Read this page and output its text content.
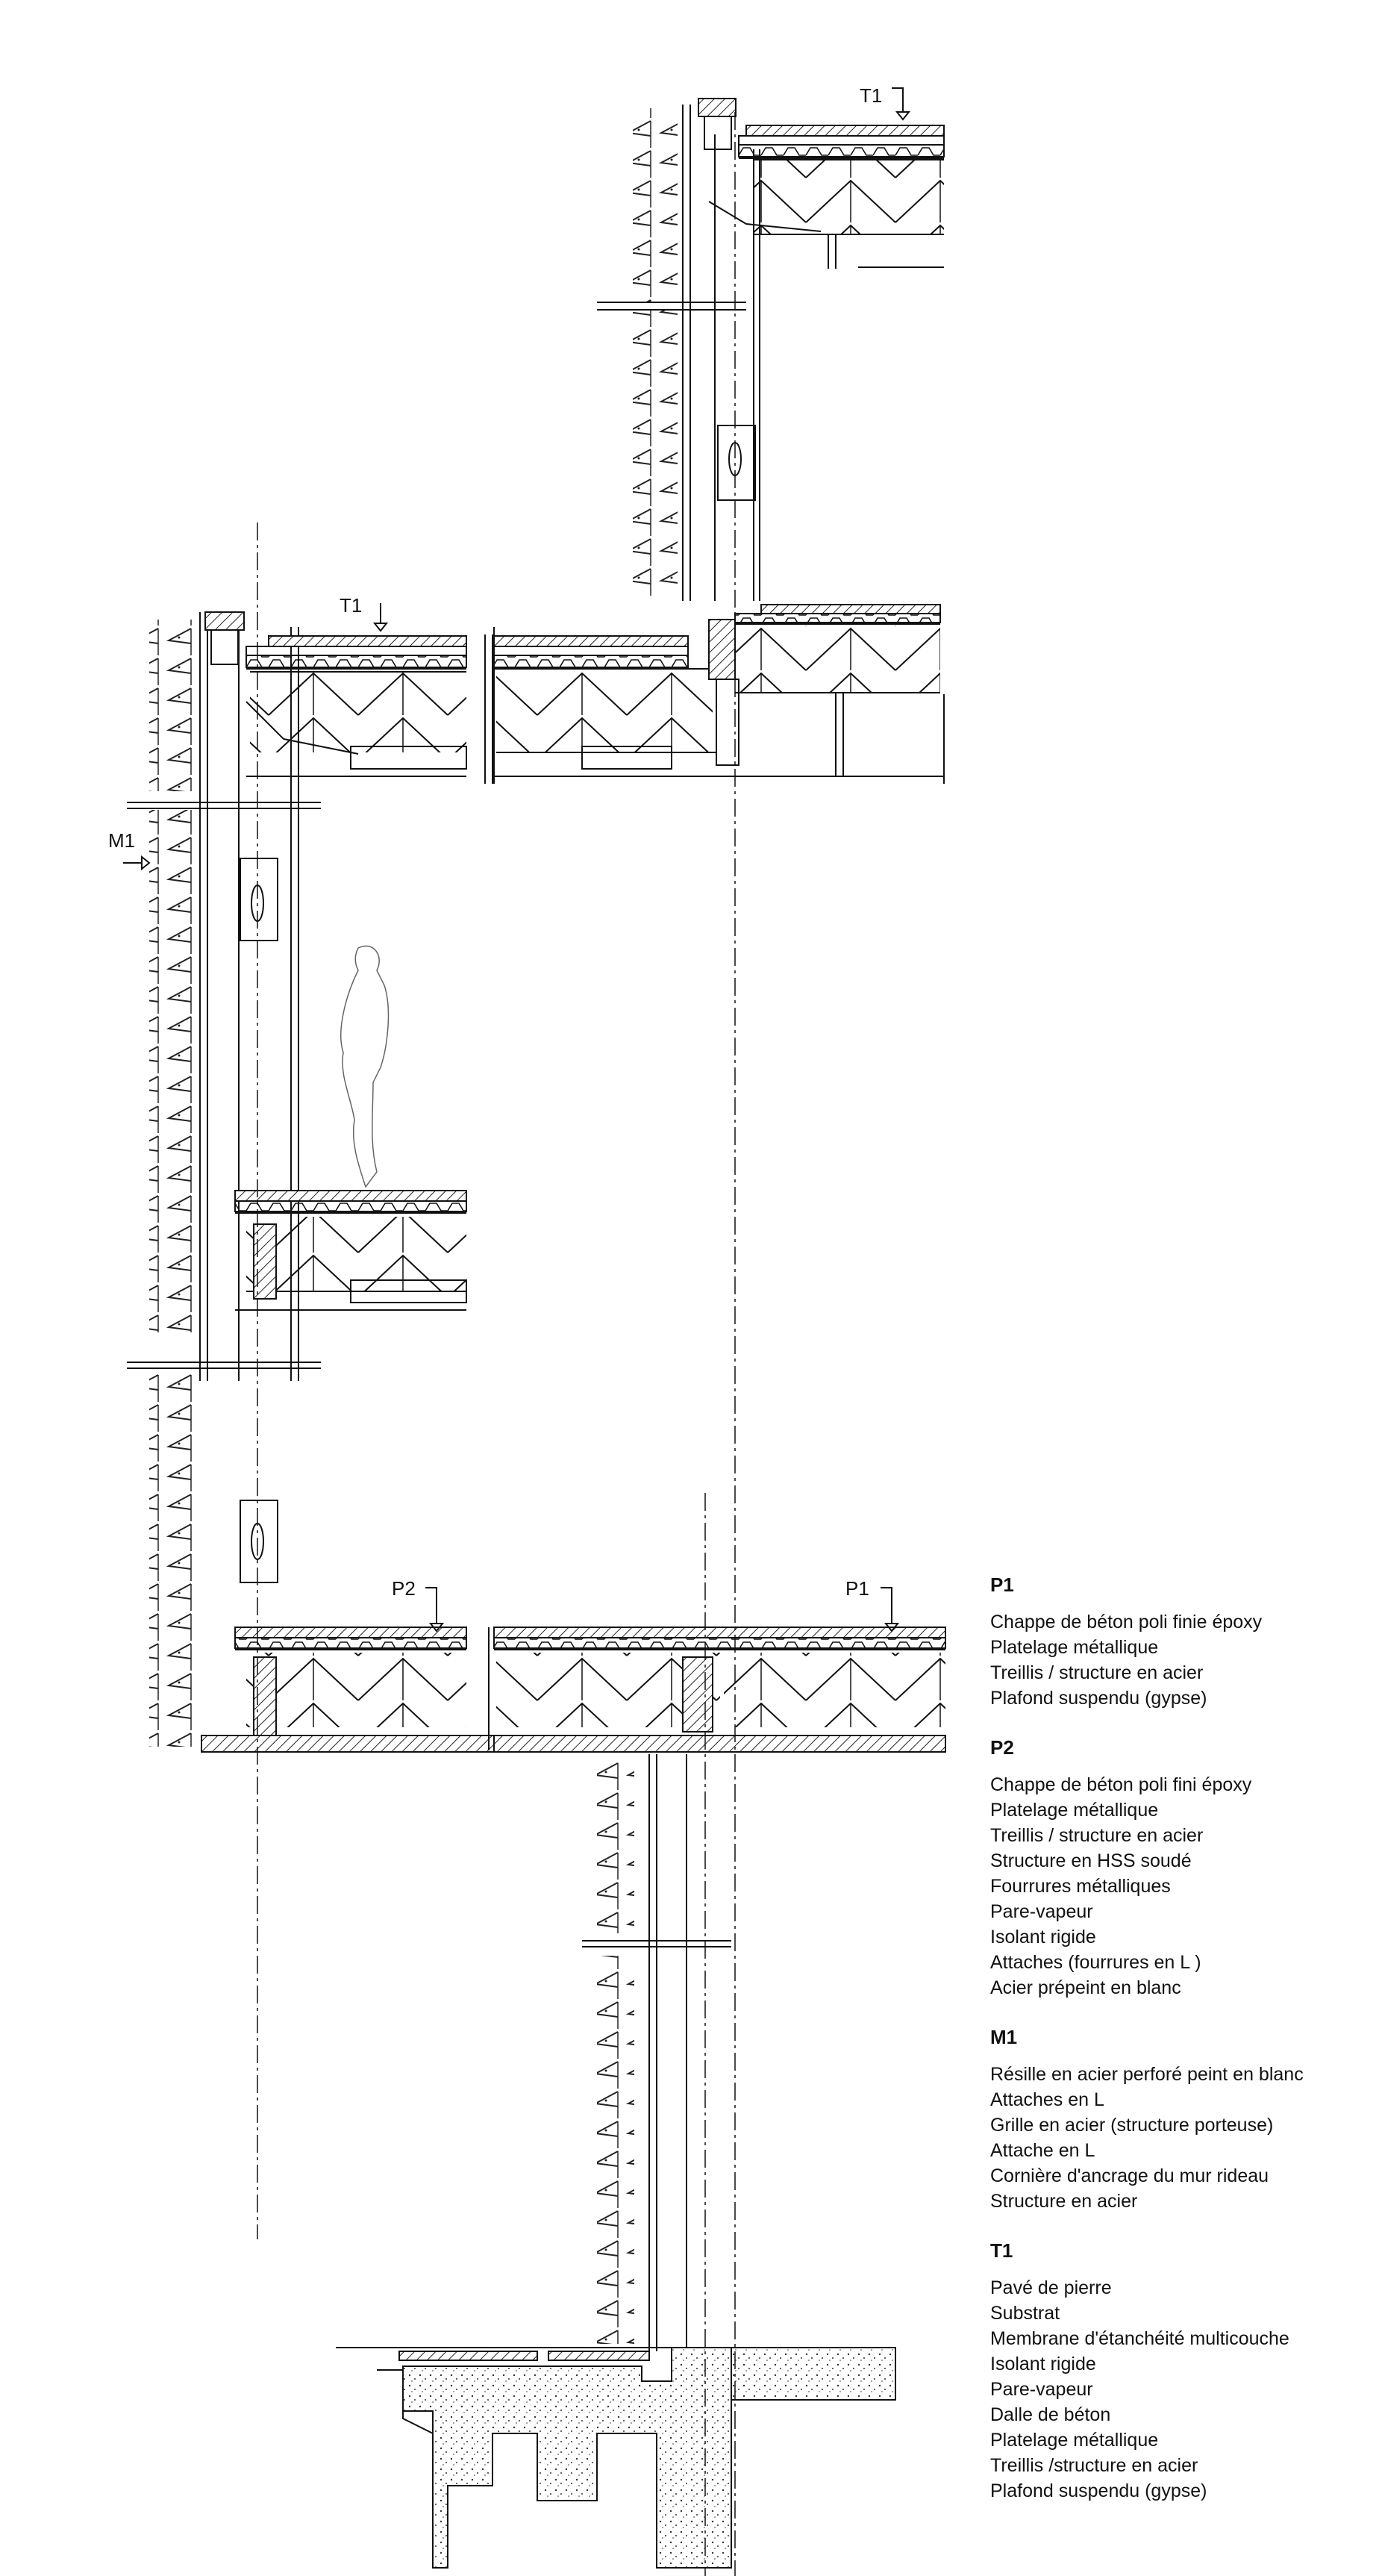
T1
T1
M1
P2	P1	P1
Chappe de béton poli finie époxy
Platelage métallique
Treillis / structure en acier
Plafond suspendu (gypse)
P2
Chappe de béton poli fini époxy
Platelage métallique
Treillis / structure en acier
Structure en HSS soudé
Fourrures métalliques
Pare-vapeur
Isolant rigide
Attaches (fourrures en L )
Acier prépeint en blanc
M1
Résille en acier perforé peint en blanc
Attaches en L
Grille en acier (structure porteuse)
Attache en L
Cornière d'ancrage du mur rideau
Structure en acier
T1
Pavé de pierre
Substrat
Membrane d'étanchéité multicouche
Isolant rigide
Pare-vapeur
Dalle de béton
Platelage métallique
Treillis /structure en acier
Plafond suspendu (gypse)
